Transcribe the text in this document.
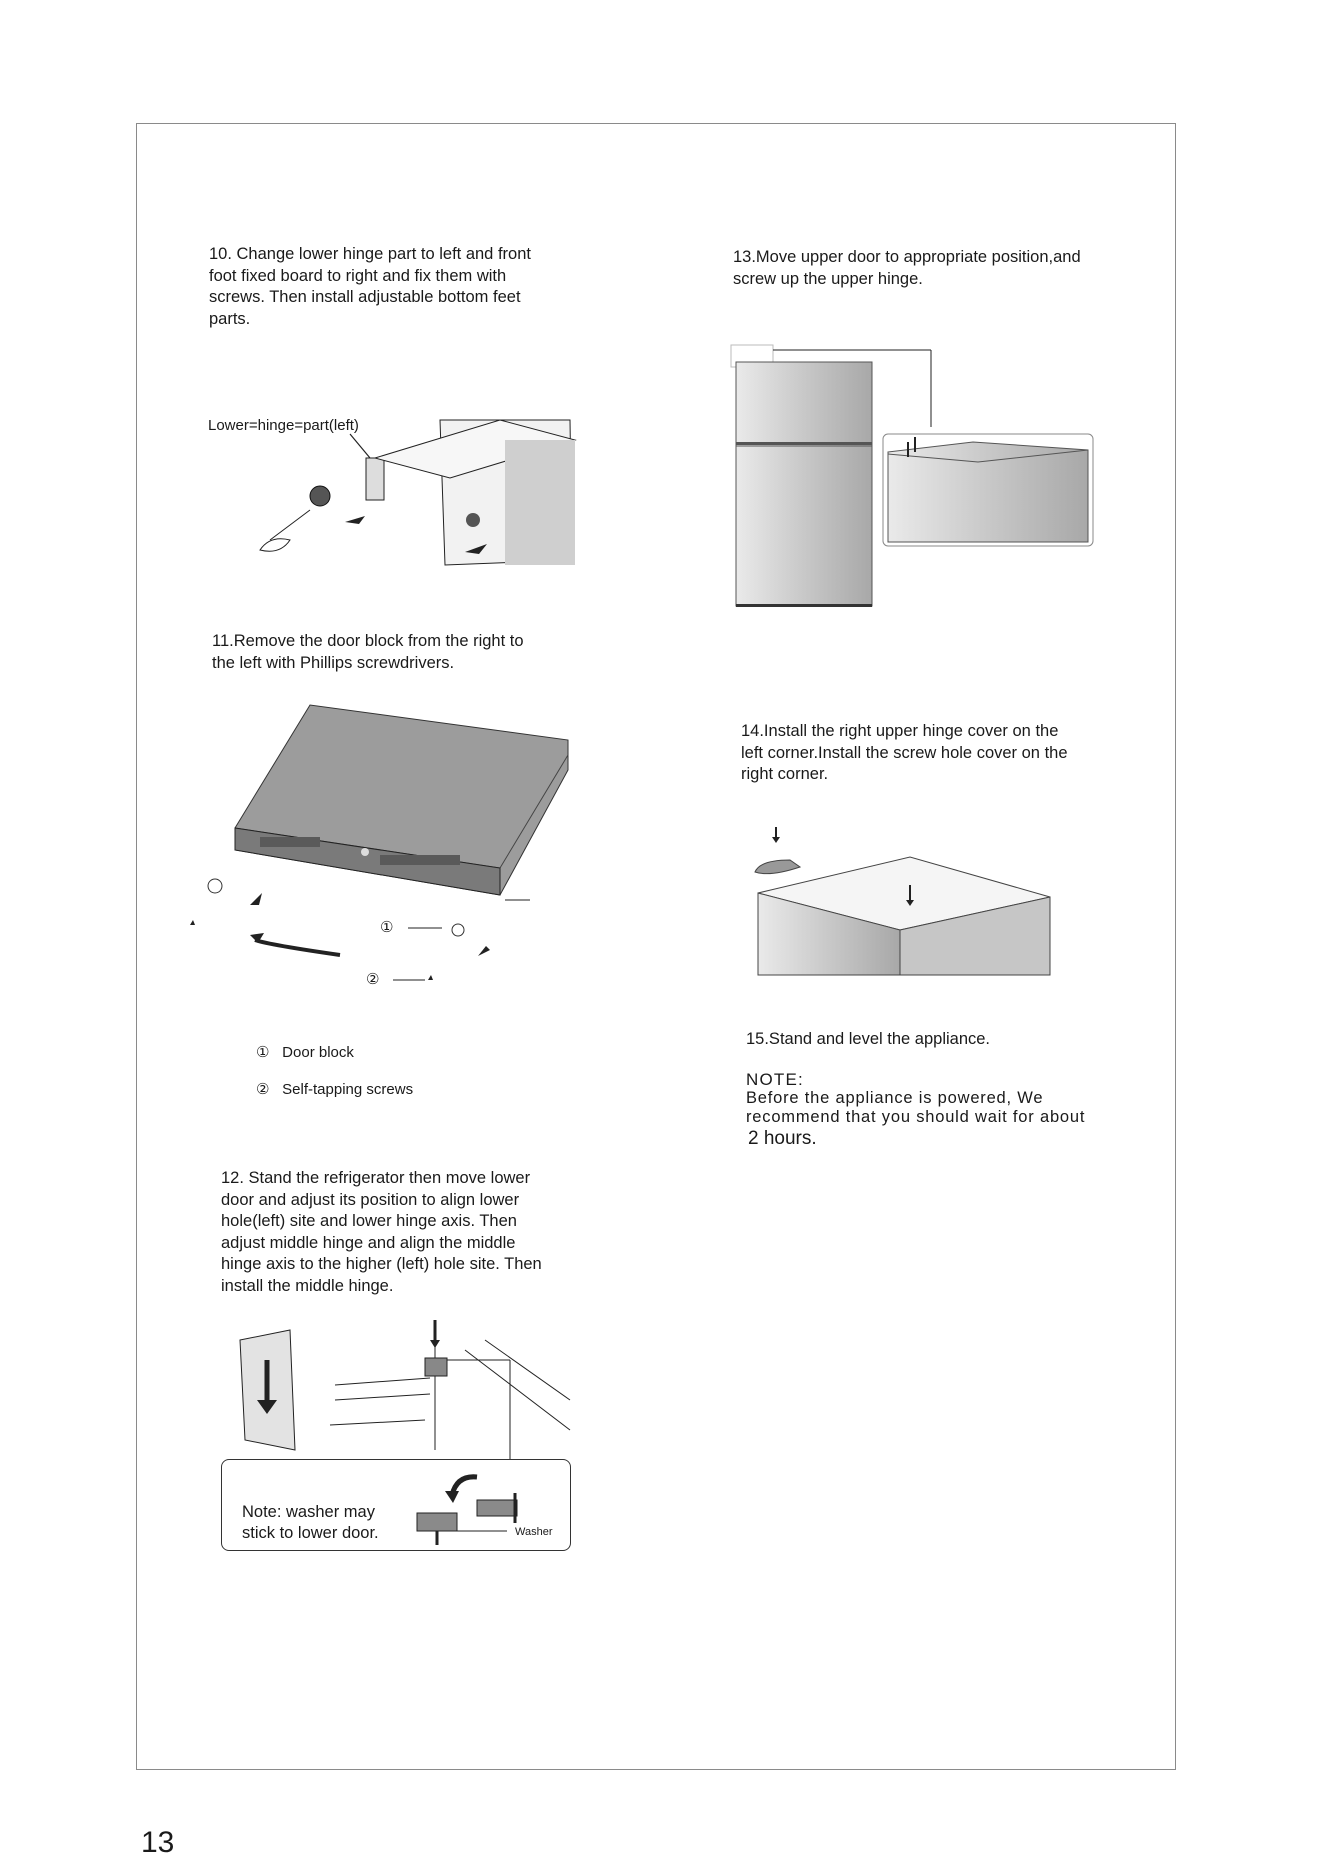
10. Change lower hinge part to left and front
foot fixed board to right and fix them with
screws. Then install adjustable bottom feet
parts.
Lower=hinge=part(left)
11.Remove the door block from the right to
the left with Phillips screwdrivers.
①
②
① Door block
② Self-tapping screws
12. Stand the refrigerator then move lower
door and adjust its position to align lower
hole(left) site and lower hinge axis. Then
adjust middle hinge and align the middle
hinge axis to the higher (left) hole site. Then
install the middle hinge.
Note: washer may
stick to lower door.	Washer
13.Move upper door to appropriate position,and
screw up the upper hinge.
14.Install the right upper hinge cover on the
left corner.Install the screw hole cover on the
right corner.
15.Stand and level the appliance.
NOTE:
Before the appliance is powered, We
recommend that you should wait for about
2 hours.
13
